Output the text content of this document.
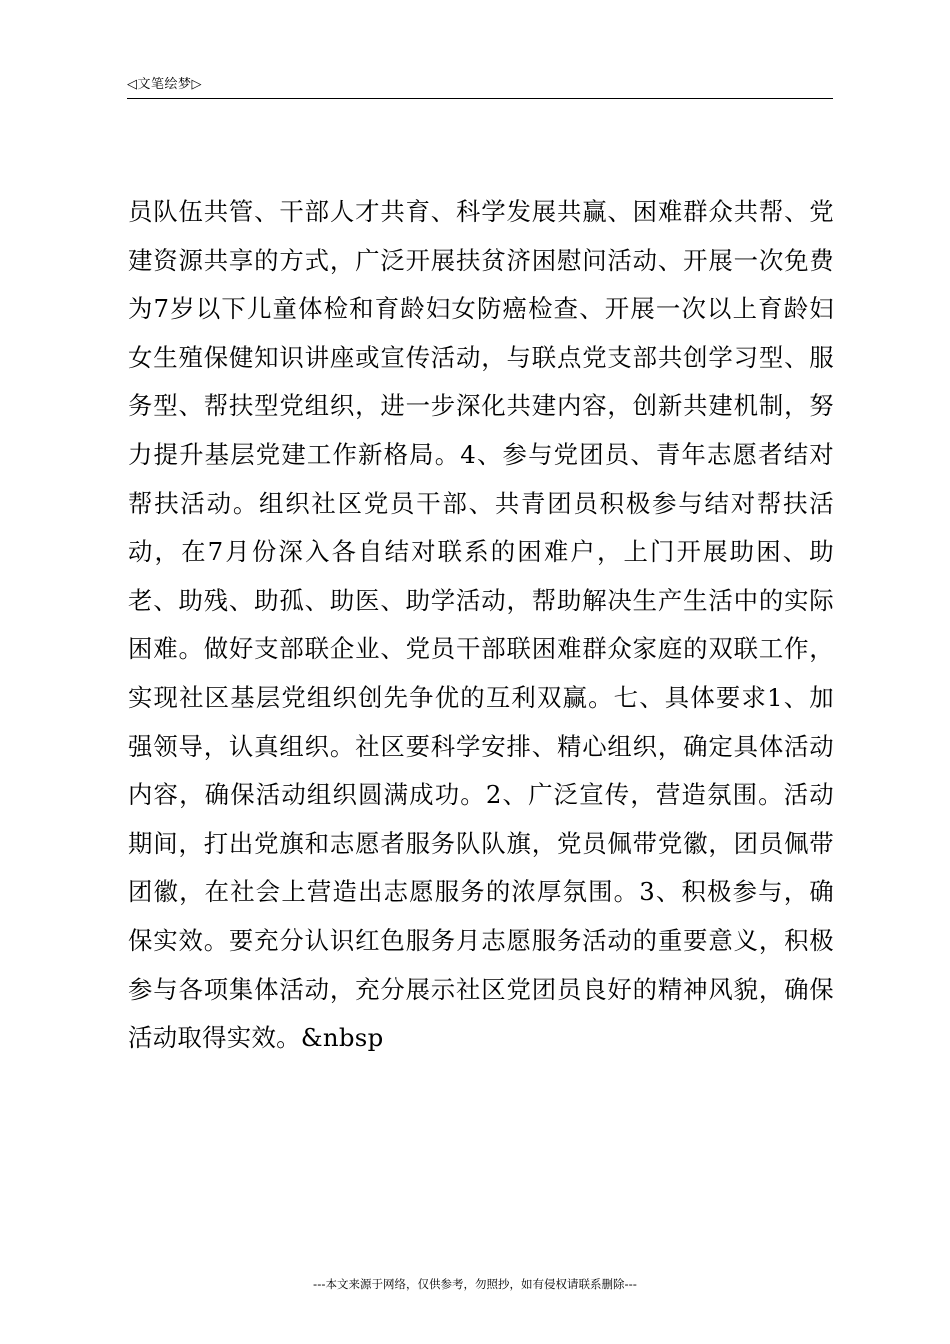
◁文笔绘梦▷

员队伍共管、干部人才共育、科学发展共赢、困难群众共帮、党建资源共享的方式，广泛开展扶贫济困慰问活动、开展一次免费为7岁以下儿童体检和育龄妇女防癌检查、开展一次以上育龄妇女生殖保健知识讲座或宣传活动，与联点党支部共创学习型、服务型、帮扶型党组织，进一步深化共建内容，创新共建机制，努力提升基层党建工作新格局。4、参与党团员、青年志愿者结对帮扶活动。组织社区党员干部、共青团员积极参与结对帮扶活动，在7月份深入各自结对联系的困难户，上门开展助困、助老、助残、助孤、助医、助学活动，帮助解决生产生活中的实际困难。做好支部联企业、党员干部联困难群众家庭的双联工作，实现社区基层党组织创先争优的互利双赢。七、具体要求1、加强领导，认真组织。社区要科学安排、精心组织，确定具体活动内容，确保活动组织圆满成功。2、广泛宣传，营造氛围。活动期间，打出党旗和志愿者服务队队旗，党员佩带党徽，团员佩带团徽，在社会上营造出志愿服务的浓厚氛围。3、积极参与，确保实效。要充分认识红色服务月志愿服务活动的重要意义，积极参与各项集体活动，充分展示社区党团员良好的精神风貌，确保活动取得实效。&nbsp

---本文来源于网络，仅供参考，勿照抄，如有侵权请联系删除---
